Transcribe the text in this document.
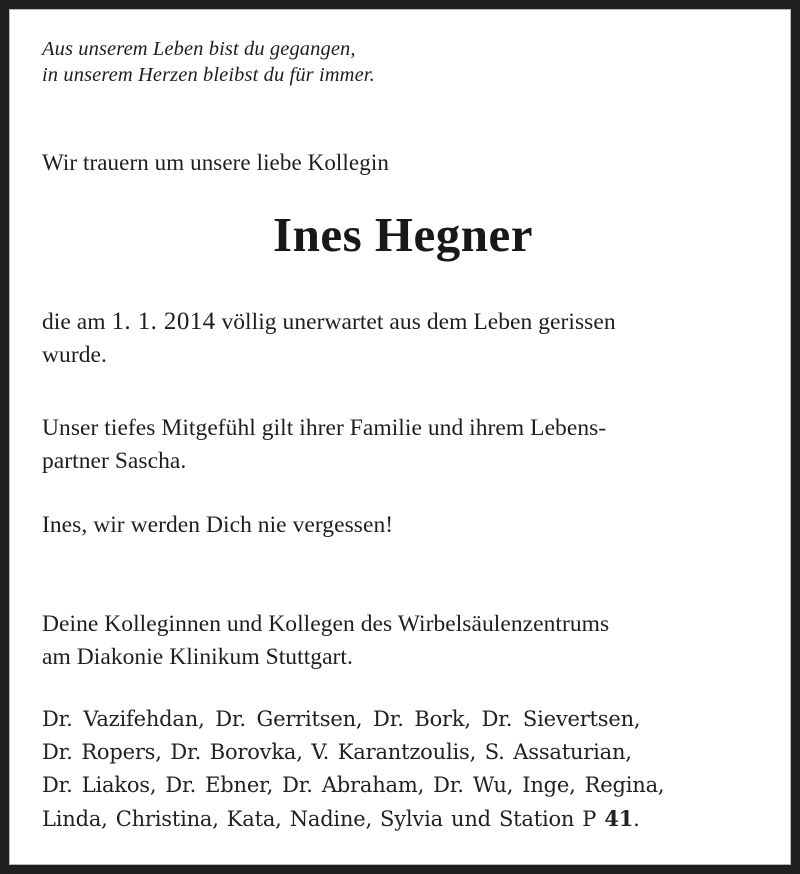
Aus unserem Leben bist du gegangen,
in unserem Herzen bleibst du für immer.
Wir trauern um unsere liebe Kollegin
Ines Hegner
die am 1. 1. 2014 völlig unerwartet aus dem Leben gerissen
wurde.
Unser tiefes Mitgefühl gilt ihrer Familie und ihrem Lebens-
partner Sascha.
Ines, wir werden Dich nie vergessen!
Deine Kolleginnen und Kollegen des Wirbelsäulenzentrums
am Diakonie Klinikum Stuttgart.
Dr. Vazifehdan, Dr. Gerritsen, Dr. Bork, Dr. Sievertsen,
Dr. Ropers, Dr. Borovka, V. Karantzoulis, S. Assaturian,
Dr. Liakos, Dr. Ebner, Dr. Abraham, Dr. Wu, Inge, Regina,
Linda, Christina, Kata, Nadine, Sylvia und Station P 41.
